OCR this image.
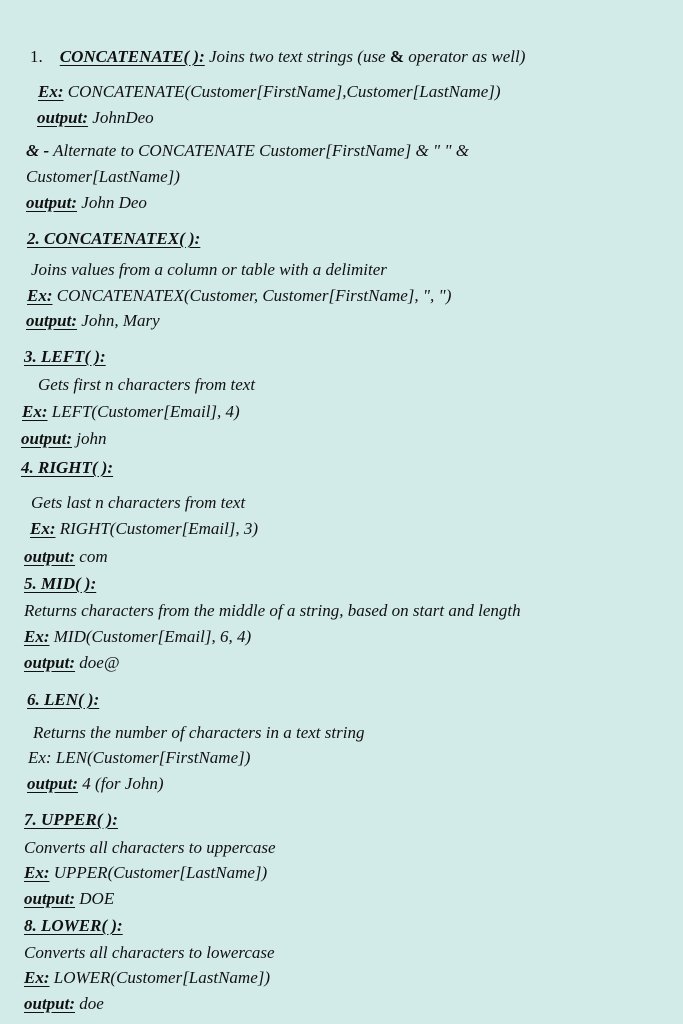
1. CONCATENATE( ): Joins two text strings (use & operator as well)
Ex: CONCATENATE(Customer[FirstName],Customer[LastName])
output: JohnDeo
& - Alternate to CONCATENATE Customer[FirstName] & " " &
Customer[LastName])
output: John Deo
2. CONCATENATEX( ):
Joins values from a column or table with a delimiter
Ex: CONCATENATEX(Customer, Customer[FirstName], ", ")
output: John, Mary
3. LEFT( ):
Gets first n characters from text
Ex: LEFT(Customer[Email], 4)
output: john
4. RIGHT( ):
Gets last n characters from text
Ex: RIGHT(Customer[Email], 3)
output: com
5. MID( ):
Returns characters from the middle of a string, based on start and length
Ex: MID(Customer[Email], 6, 4)
output: doe@
6. LEN( ):
Returns the number of characters in a text string
Ex: LEN(Customer[FirstName])
output: 4 (for John)
7. UPPER( ):
Converts all characters to uppercase
Ex: UPPER(Customer[LastName])
output: DOE
8. LOWER( ):
Converts all characters to lowercase
Ex: LOWER(Customer[LastName])
output: doe
